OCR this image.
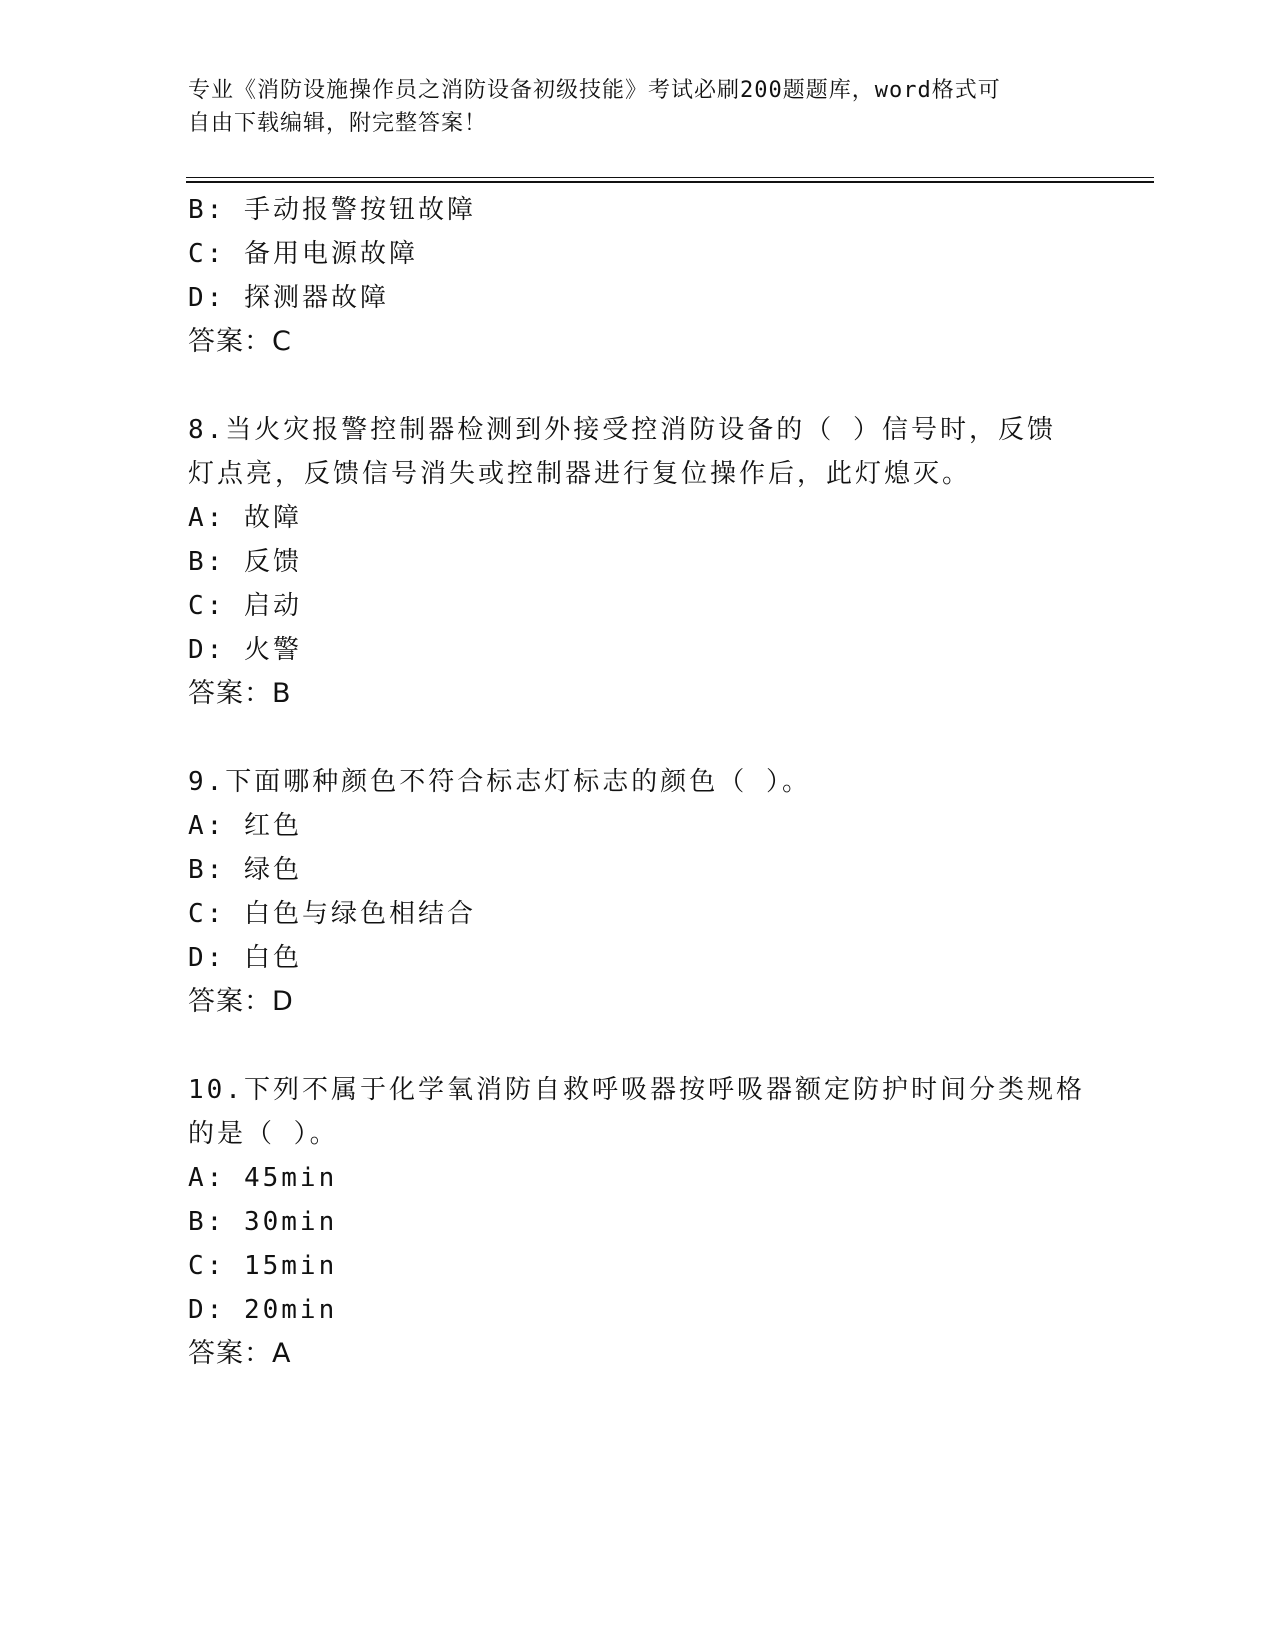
专业《消防设施操作员之消防设备初级技能》考试必刷200题题库，word格式可
自由下载编辑，附完整答案！
B: 手动报警按钮故障
C: 备用电源故障
D: 探测器故障
答案：C
8.当火灾报警控制器检测到外接受控消防设备的（ ）信号时，反馈
灯点亮，反馈信号消失或控制器进行复位操作后，此灯熄灭。
A: 故障
B: 反馈
C: 启动
D: 火警
答案：B
9.下面哪种颜色不符合标志灯标志的颜色（ ）。
A: 红色
B: 绿色
C: 白色与绿色相结合
D: 白色
答案：D
10.下列不属于化学氧消防自救呼吸器按呼吸器额定防护时间分类规格
的是（ ）。
A: 45min
B: 30min
C: 15min
D: 20min
答案：A
